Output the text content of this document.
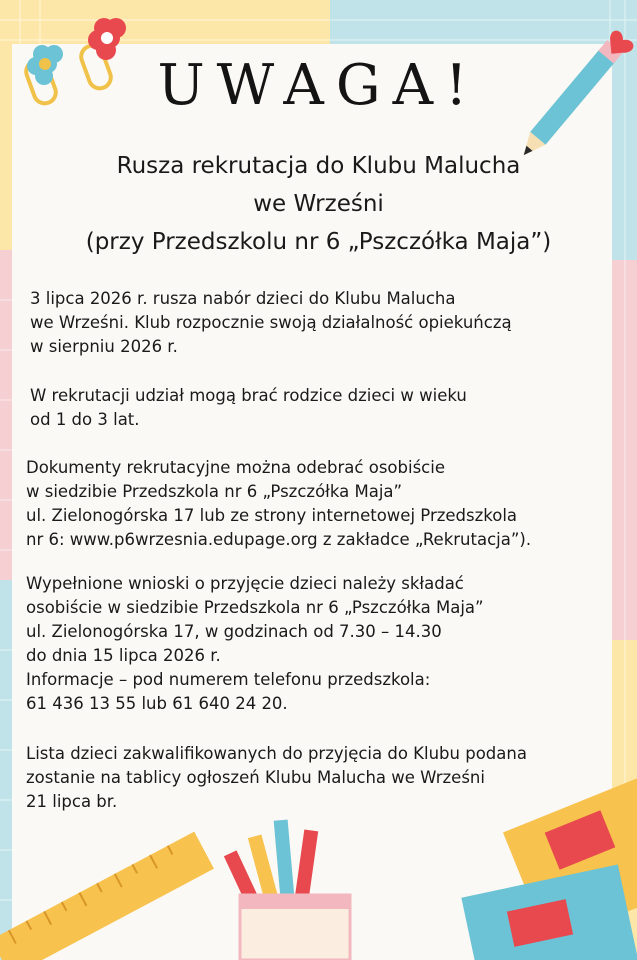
UWAGA!
Rusza rekrutacja do Klubu Malucha
we Wrześni
(przy Przedszkolu nr 6 „Pszczółka Maja”)
3 lipca 2026 r. rusza nabór dzieci do Klubu Malucha
we Wrześni. Klub rozpocznie swoją działalność opiekuńczą
w sierpniu 2026 r.
W rekrutacji udział mogą brać rodzice dzieci w wieku
od 1 do 3 lat.
Dokumenty rekrutacyjne można odebrać osobiście
w siedzibie Przedszkola nr 6 „Pszczółka Maja”
ul. Zielonogórska 17 lub ze strony internetowej Przedszkola
nr 6: www.p6wrzesnia.edupage.org z zakładce „Rekrutacja”).
Wypełnione wnioski o przyjęcie dzieci należy składać
osobiście w siedzibie Przedszkola nr 6 „Pszczółka Maja”
ul. Zielonogórska 17, w godzinach od 7.30 – 14.30
do dnia 15 lipca 2026 r.
Informacje – pod numerem telefonu przedszkola:
61 436 13 55 lub 61 640 24 20.
Lista dzieci zakwalifikowanych do przyjęcia do Klubu podana
zostanie na tablicy ogłoszeń Klubu Malucha we Wrześni
21 lipca br.
